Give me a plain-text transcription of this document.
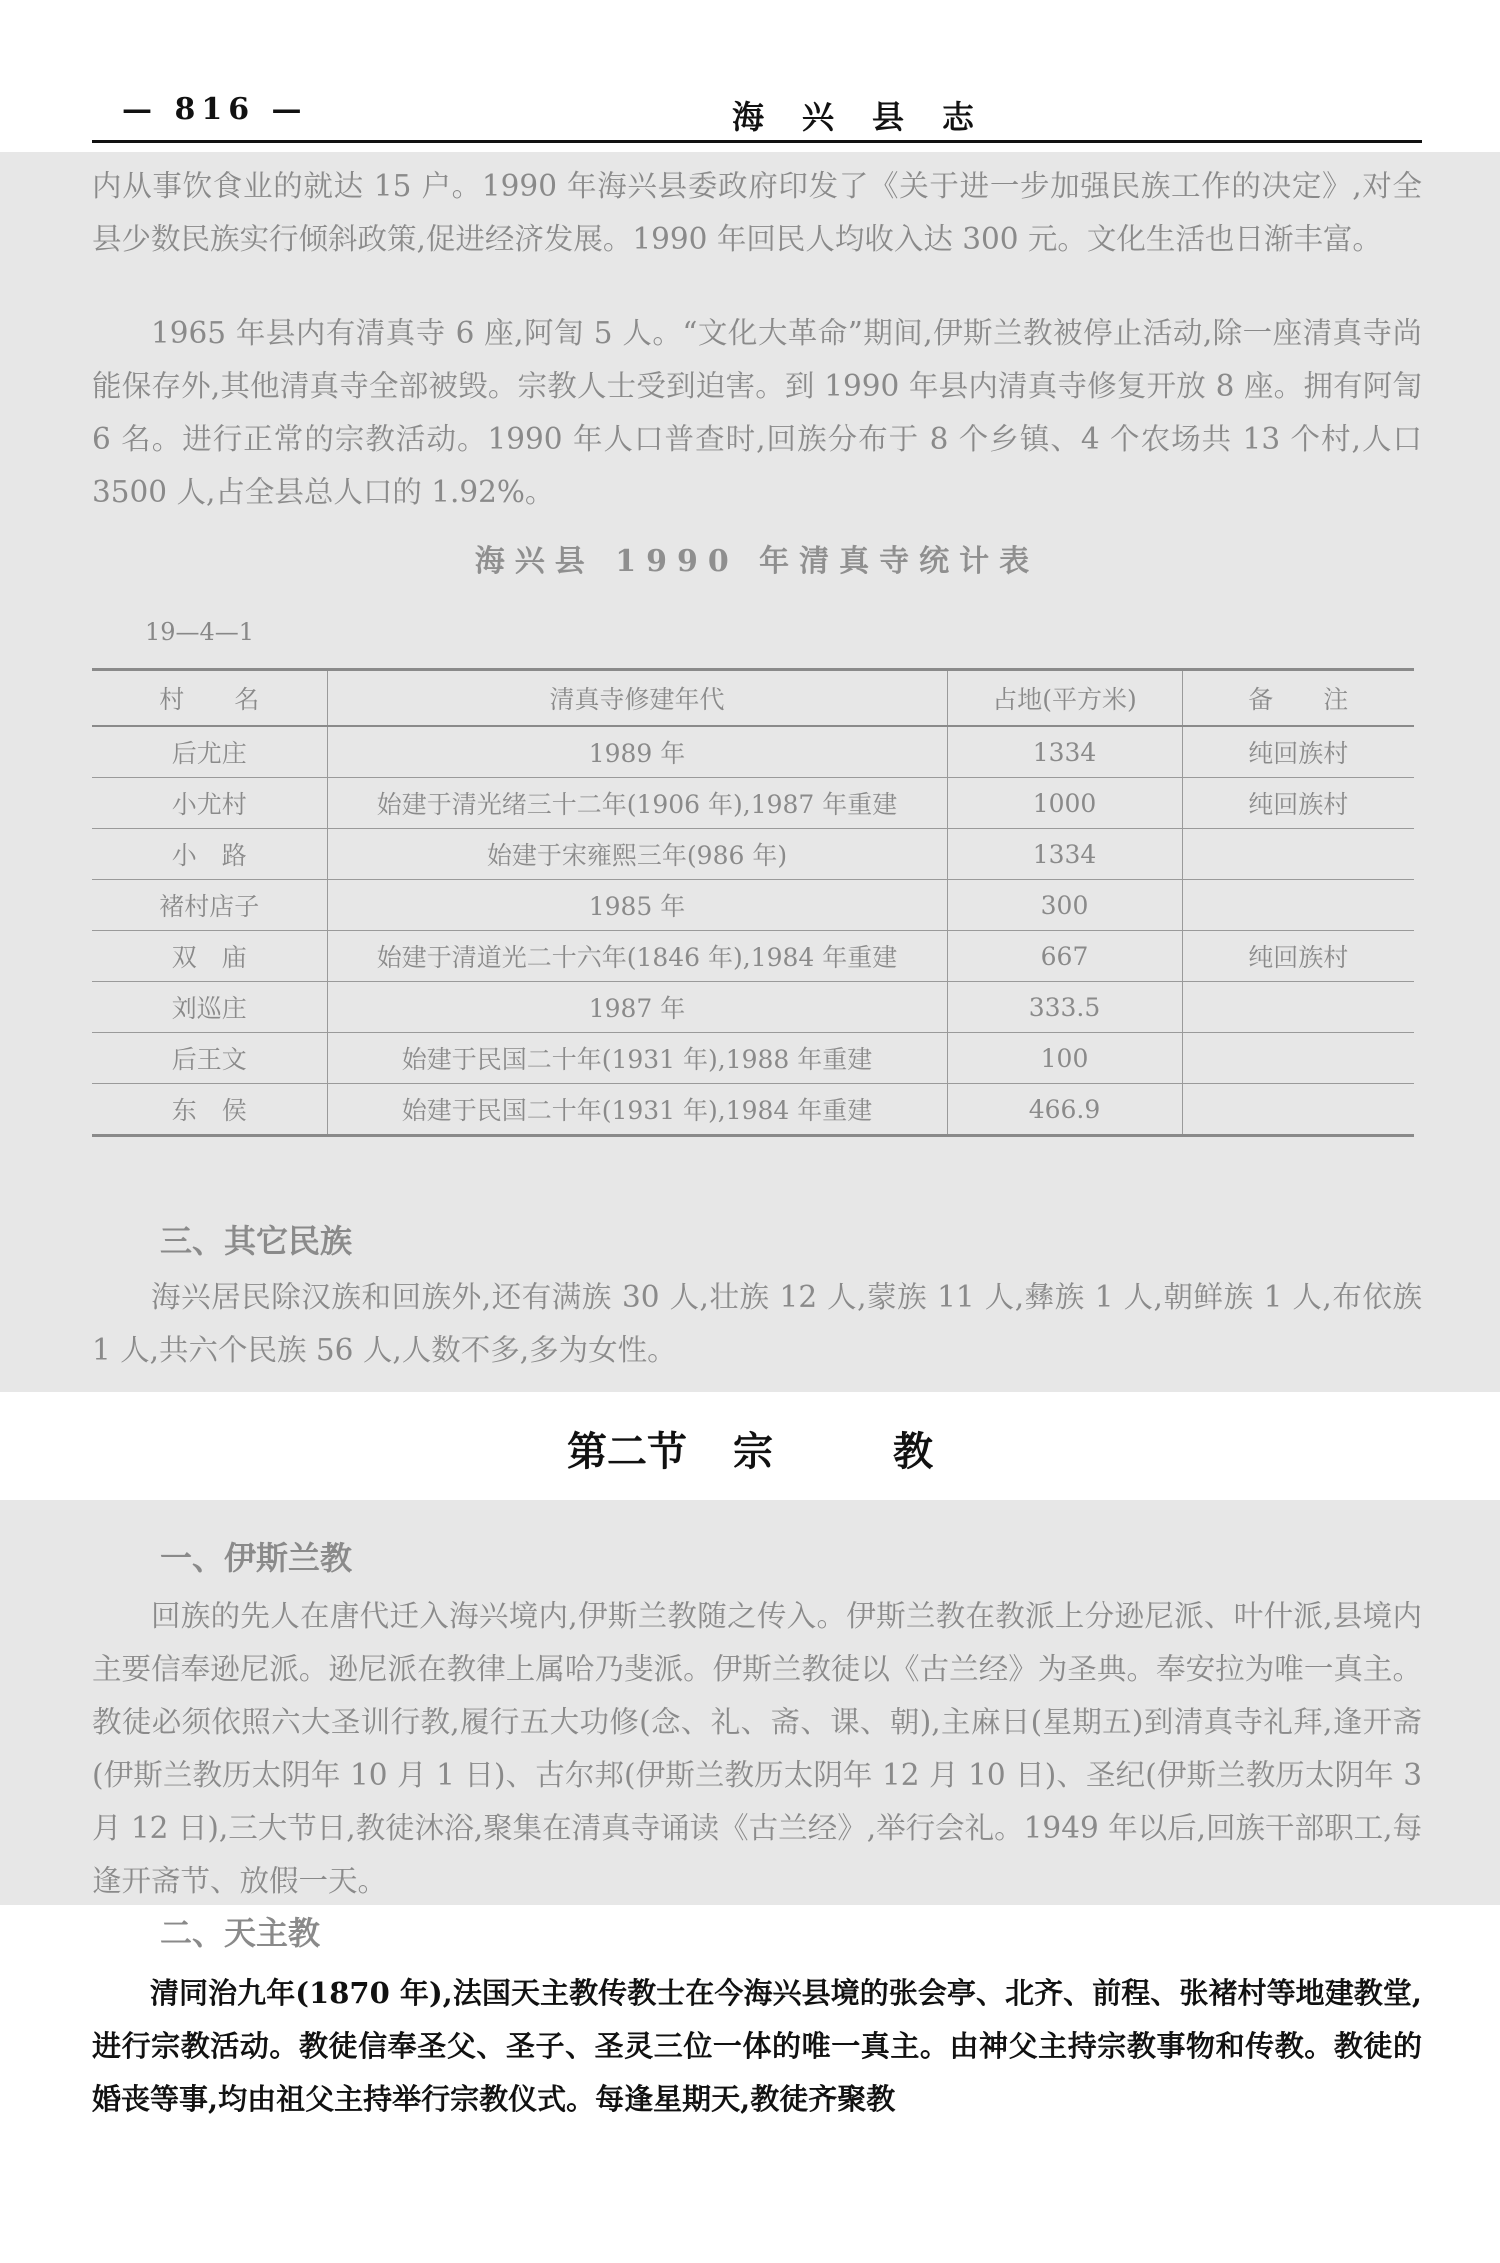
— 816 —	海兴县志

内从事饮食业的就达 15 户。1990 年海兴县委政府印发了《关于进一步加强民族工作的决定》,对全县少数民族实行倾斜政策,促进经济发展。1990 年回民人均收入达 300 元。文化生活也日渐丰富。

1965 年县内有清真寺 6 座,阿訇 5 人。“文化大革命”期间,伊斯兰教被停止活动,除一座清真寺尚能保存外,其他清真寺全部被毁。宗教人士受到迫害。到 1990 年县内清真寺修复开放 8 座。拥有阿訇 6 名。进行正常的宗教活动。1990 年人口普查时,回族分布于 8 个乡镇、4 个农场共 13 个村,人口 3500 人,占全县总人口的 1.92%。

海兴县 1990 年清真寺统计表
19—4—1
村　　名	清真寺修建年代	占地(平方米)	备　　注
后尤庄	1989 年	1334	纯回族村
小尤村	始建于清光绪三十二年(1906 年),1987 年重建	1000	纯回族村
小　路	始建于宋雍熙三年(986 年)	1334	
褚村店子	1985 年	300	
双　庙	始建于清道光二十六年(1846 年),1984 年重建	667	纯回族村
刘巡庄	1987 年	333.5	
后王文	始建于民国二十年(1931 年),1988 年重建	100	
东　侯	始建于民国二十年(1931 年),1984 年重建	466.9	
三、其它民族

海兴居民除汉族和回族外,还有满族 30 人,壮族 12 人,蒙族 11 人,彝族 1 人,朝鲜族 1 人,布依族 1 人,共六个民族 56 人,人数不多,多为女性。

第二节 宗	教
一、伊斯兰教

回族的先人在唐代迁入海兴境内,伊斯兰教随之传入。伊斯兰教在教派上分逊尼派、叶什派,县境内主要信奉逊尼派。逊尼派在教律上属哈乃斐派。伊斯兰教徒以《古兰经》为圣典。奉安拉为唯一真主。教徒必须依照六大圣训行教,履行五大功修(念、礼、斋、课、朝),主麻日(星期五)到清真寺礼拜,逢开斋(伊斯兰教历太阴年 10 月 1 日)、古尔邦(伊斯兰教历太阴年 12 月 10 日)、圣纪(伊斯兰教历太阴年 3 月 12 日),三大节日,教徒沐浴,聚集在清真寺诵读《古兰经》,举行会礼。1949 年以后,回族干部职工,每逢开斋节、放假一天。

二、天主教

清同治九年(1870 年),法国天主教传教士在今海兴县境的张会亭、北齐、前程、张褚村等地建教堂,进行宗教活动。教徒信奉圣父、圣子、圣灵三位一体的唯一真主。由神父主持宗教事物和传教。教徒的婚丧等事,均由祖父主持举行宗教仪式。每逢星期天,教徒齐聚教
